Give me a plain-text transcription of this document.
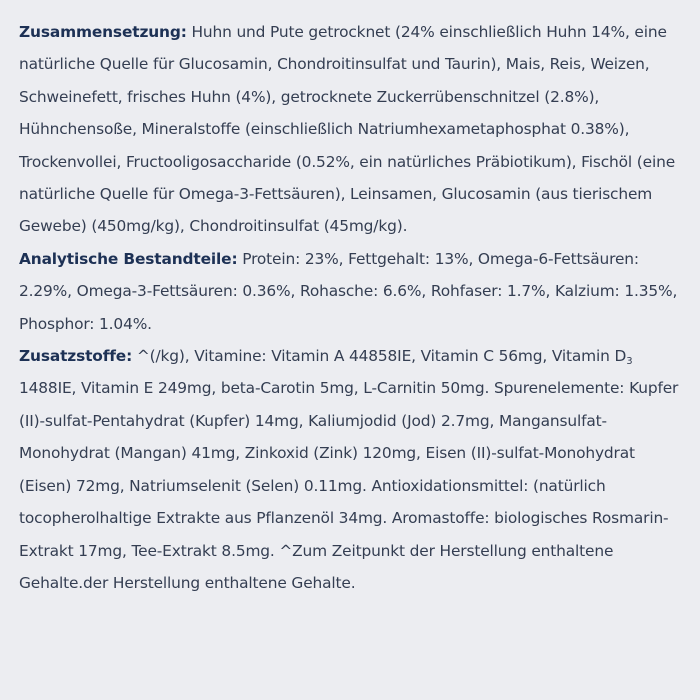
Zusammensetzung: Huhn und Pute getrocknet (24% einschließlich Huhn 14%, eine natürliche Quelle für Glucosamin, Chondroitinsulfat und Taurin), Mais, Reis, Weizen, Schweinefett, frisches Huhn (4%), getrocknete Zuckerrübenschnitzel (2.8%), Hühnchensoße, Mineralstoffe (einschließlich Natriumhexametaphosphat 0.38%), Trockenvollei, Fructooligosaccharide (0.52%, ein natürliches Präbiotikum), Fischöl (eine natürliche Quelle für Omega-3-Fettsäuren), Leinsamen, Glucosamin (aus tierischem Gewebe) (450mg/kg), Chondroitinsulfat (45mg/kg).

Analytische Bestandteile: Protein: 23%, Fettgehalt: 13%, Omega-6-Fettsäuren: 2.29%, Omega-3-Fettsäuren: 0.36%, Rohasche: 6.6%, Rohfaser: 1.7%, Kalzium: 1.35%, Phosphor: 1.04%.

Zusatzstoffe: ^(/kg), Vitamine: Vitamin A 44858IE, Vitamin C 56mg, Vitamin $D_3$ 1488IE, Vitamin E 249mg, beta-Carotin 5mg, L-Carnitin 50mg. Spurenelemente: Kupfer (II)-sulfat-Pentahydrat (Kupfer) 14mg, Kaliumjodid (Jod) 2.7mg, Mangansulfat-Monohydrat (Mangan) 41mg, Zinkoxid (Zink) 120mg, Eisen (II)-sulfat-Monohydrat (Eisen) 72mg, Natriumselenit (Selen) 0.11mg. Antioxidationsmittel: (natürlich tocopherolhaltige Extrakte aus Pflanzenöl 34mg. Aromastoffe: biologisches Rosmarin-Extrakt 17mg, Tee-Extrakt 8.5mg. ^Zum Zeitpunkt der Herstellung enthaltene Gehalte.der Herstellung enthaltene Gehalte.
